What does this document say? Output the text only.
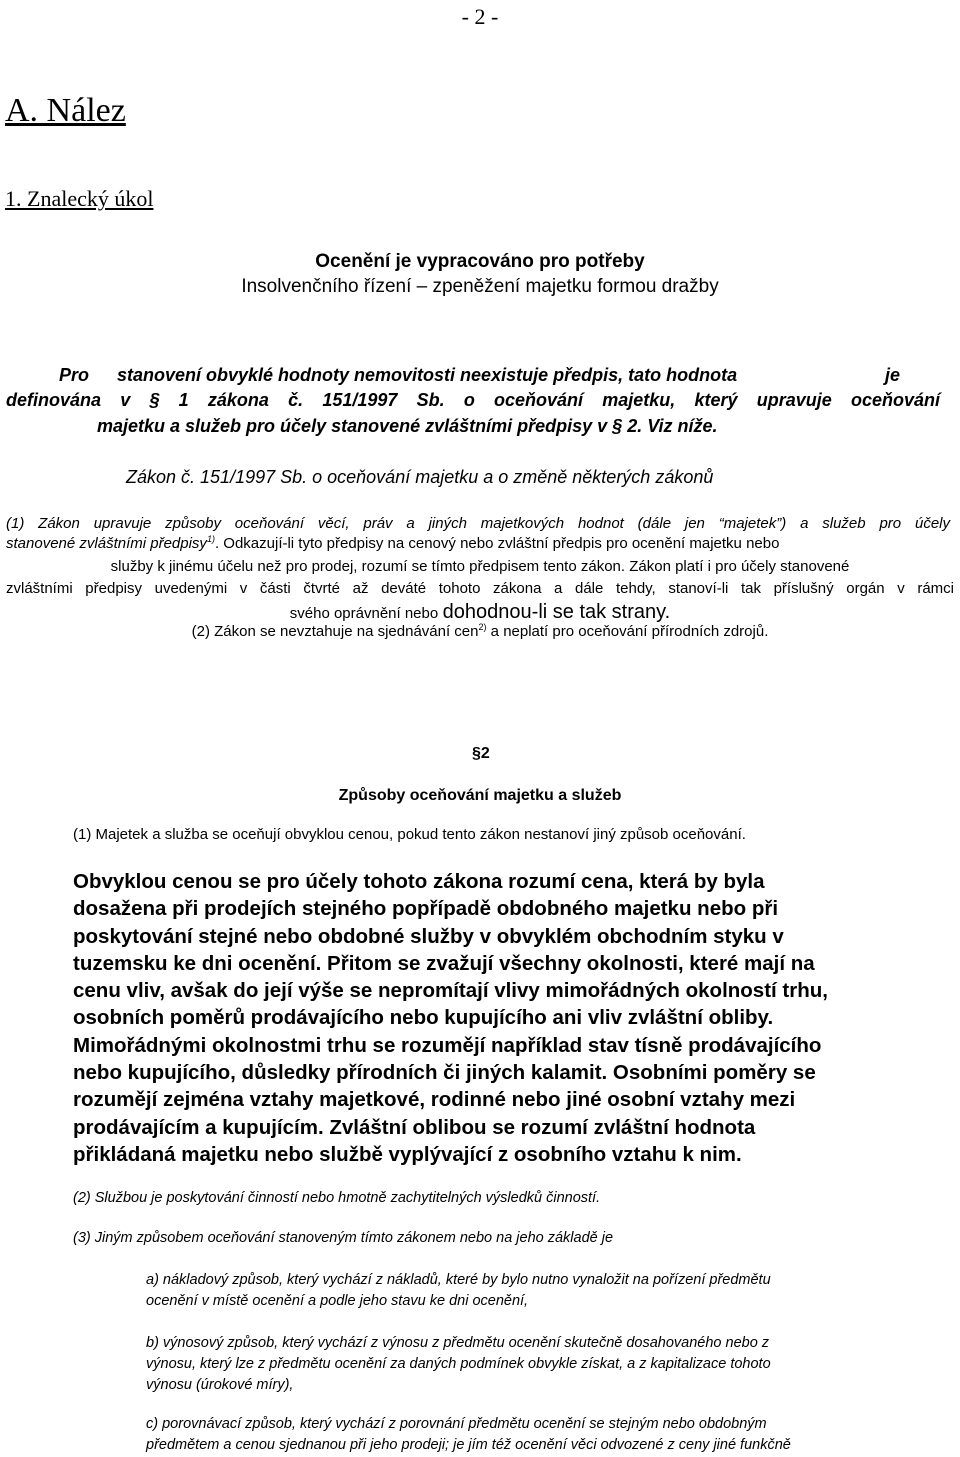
- 2 -
A. Nález
1. Znalecký úkol
Ocenění je vypracováno pro potřeby
Insolvenčního řízení – zpeněžení majetku formou dražby
Pro stanovení obvyklé hodnoty nemovitosti neexistuje předpis, tato hodnota	je
definována v § 1 zákona č. 151/1997 Sb. o oceňování majetku, který upravuje oceňování
majetku a služeb pro účely stanovené zvláštními předpisy v § 2. Viz níže.
Zákon č. 151/1997 Sb. o oceňování majetku a o změně některých zákonů
(1) Zákon upravuje způsoby oceňování věcí, práv a jiných majetkových hodnot (dále jen “majetek”) a služeb pro účely
stanovené zvláštními předpisy$^{1)}$. Odkazují-li tyto předpisy na cenový nebo zvláštní předpis pro ocenění majetku nebo
služby k jinému účelu než pro prodej, rozumí se tímto předpisem tento zákon. Zákon platí i pro účely stanovené
zvláštními předpisy uvedenými v části čtvrté až deváté tohoto zákona a dále tehdy, stanoví-li tak příslušný orgán v rámci
svého oprávnění nebo dohodnou-li se tak strany.
(2) Zákon se nevztahuje na sjednávání cen$^{2)}$ a neplatí pro oceňování přírodních zdrojů.
§2
Způsoby oceňování majetku a služeb
(1) Majetek a služba se oceňují obvyklou cenou, pokud tento zákon nestanoví jiný způsob oceňování.
Obvyklou cenou se pro účely tohoto zákona rozumí cena, která by byla
dosažena při prodejích stejného popřípadě obdobného majetku nebo při
poskytování stejné nebo obdobné služby v obvyklém obchodním styku v
tuzemsku ke dni ocenění. Přitom se zvažují všechny okolnosti, které mají na
cenu vliv, avšak do její výše se nepromítají vlivy mimořádných okolností trhu,
osobních poměrů prodávajícího nebo kupujícího ani vliv zvláštní obliby.
Mimořádnými okolnostmi trhu se rozumějí například stav tísně prodávajícího
nebo kupujícího, důsledky přírodních či jiných kalamit. Osobními poměry se
rozumějí zejména vztahy majetkové, rodinné nebo jiné osobní vztahy mezi
prodávajícím a kupujícím. Zvláštní oblibou se rozumí zvláštní hodnota
přikládaná majetku nebo službě vyplývající z osobního vztahu k nim.
(2) Službou je poskytování činností nebo hmotně zachytitelných výsledků činností.
(3) Jiným způsobem oceňování stanoveným tímto zákonem nebo na jeho základě je
a) nákladový způsob, který vychází z nákladů, které by bylo nutno vynaložit na pořízení předmětu
ocenění v místě ocenění a podle jeho stavu ke dni ocenění,
b) výnosový způsob, který vychází z výnosu z předmětu ocenění skutečně dosahovaného nebo z
výnosu, který lze z předmětu ocenění za daných podmínek obvykle získat, a z kapitalizace tohoto
výnosu (úrokové míry),
c) porovnávací způsob, který vychází z porovnání předmětu ocenění se stejným nebo obdobným
předmětem a cenou sjednanou při jeho prodeji; je jím též ocenění věci odvozené z ceny jiné funkčně
